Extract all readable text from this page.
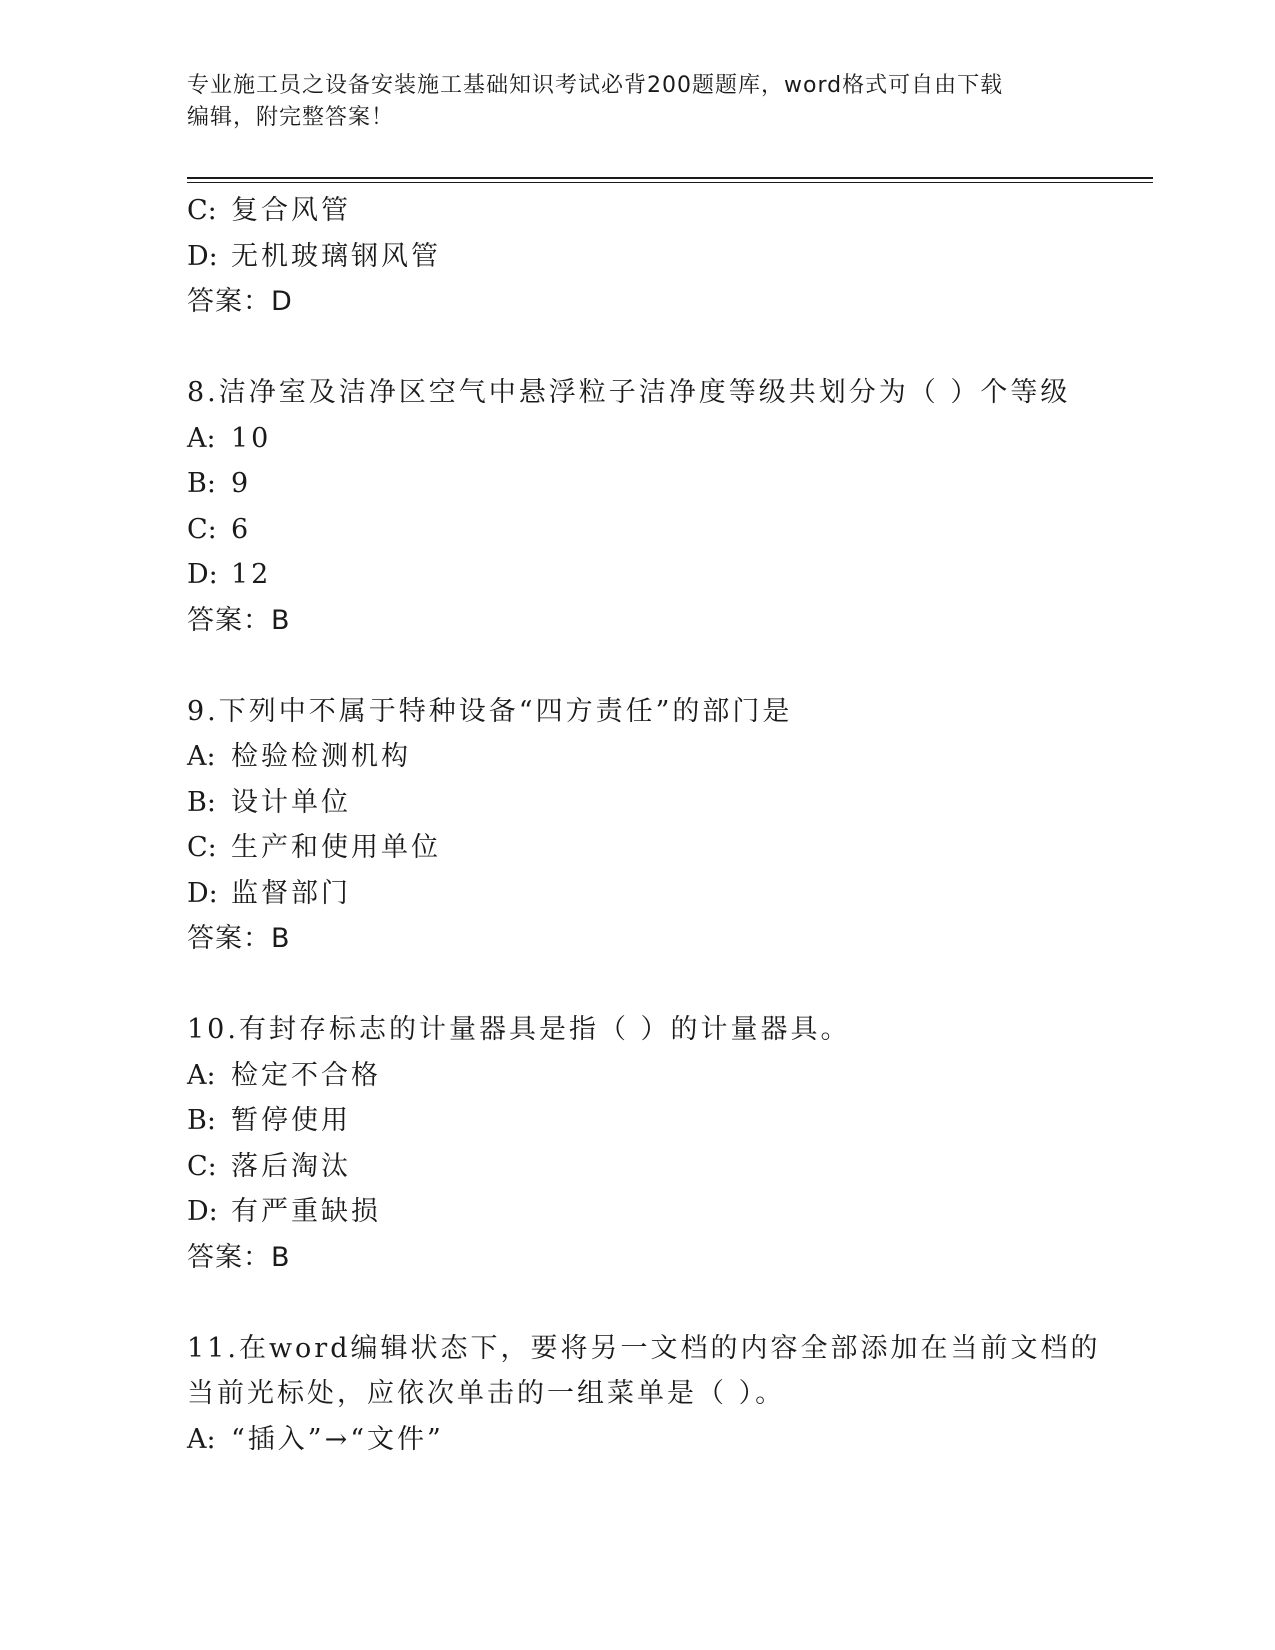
专业施工员之设备安装施工基础知识考试必背200题题库，word格式可自由下载
编辑，附完整答案！
C: 复合风管
D: 无机玻璃钢风管
答案：D
8.洁净室及洁净区空气中悬浮粒子洁净度等级共划分为（ ）个等级
A: 10
B: 9
C: 6
D: 12
答案：B
9.下列中不属于特种设备“四方责任”的部门是
A: 检验检测机构
B: 设计单位
C: 生产和使用单位
D: 监督部门
答案：B
10.有封存标志的计量器具是指（ ）的计量器具。
A: 检定不合格
B: 暂停使用
C: 落后淘汰
D: 有严重缺损
答案：B
11.在word编辑状态下，要将另一文档的内容全部添加在当前文档的
当前光标处，应依次单击的一组菜单是（ ）。
A: “插入”→“文件”
